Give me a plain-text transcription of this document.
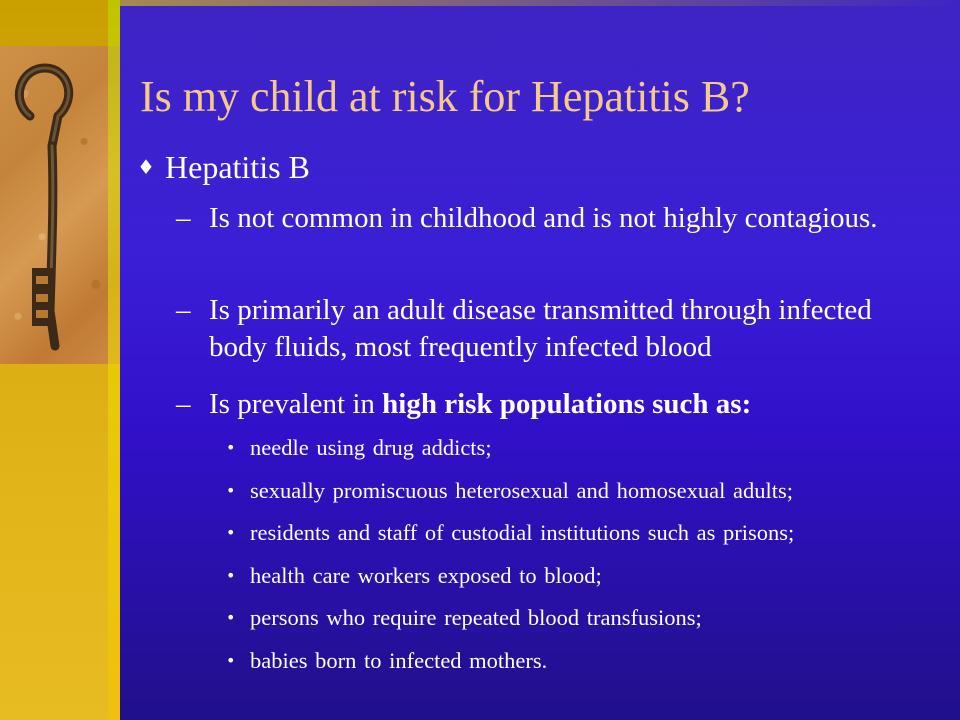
Is my child at risk for Hepatitis B?
♦ Hepatitis B
– Is not common in childhood and is not highly contagious.
– Is primarily an adult disease transmitted through infected body fluids, most frequently infected blood
– Is prevalent in high risk populations such as:
• needle using drug addicts;
• sexually promiscuous heterosexual and homosexual adults;
• residents and staff of custodial institutions such as prisons;
• health care workers exposed to blood;
• persons who require repeated blood transfusions;
• babies born to infected mothers.
